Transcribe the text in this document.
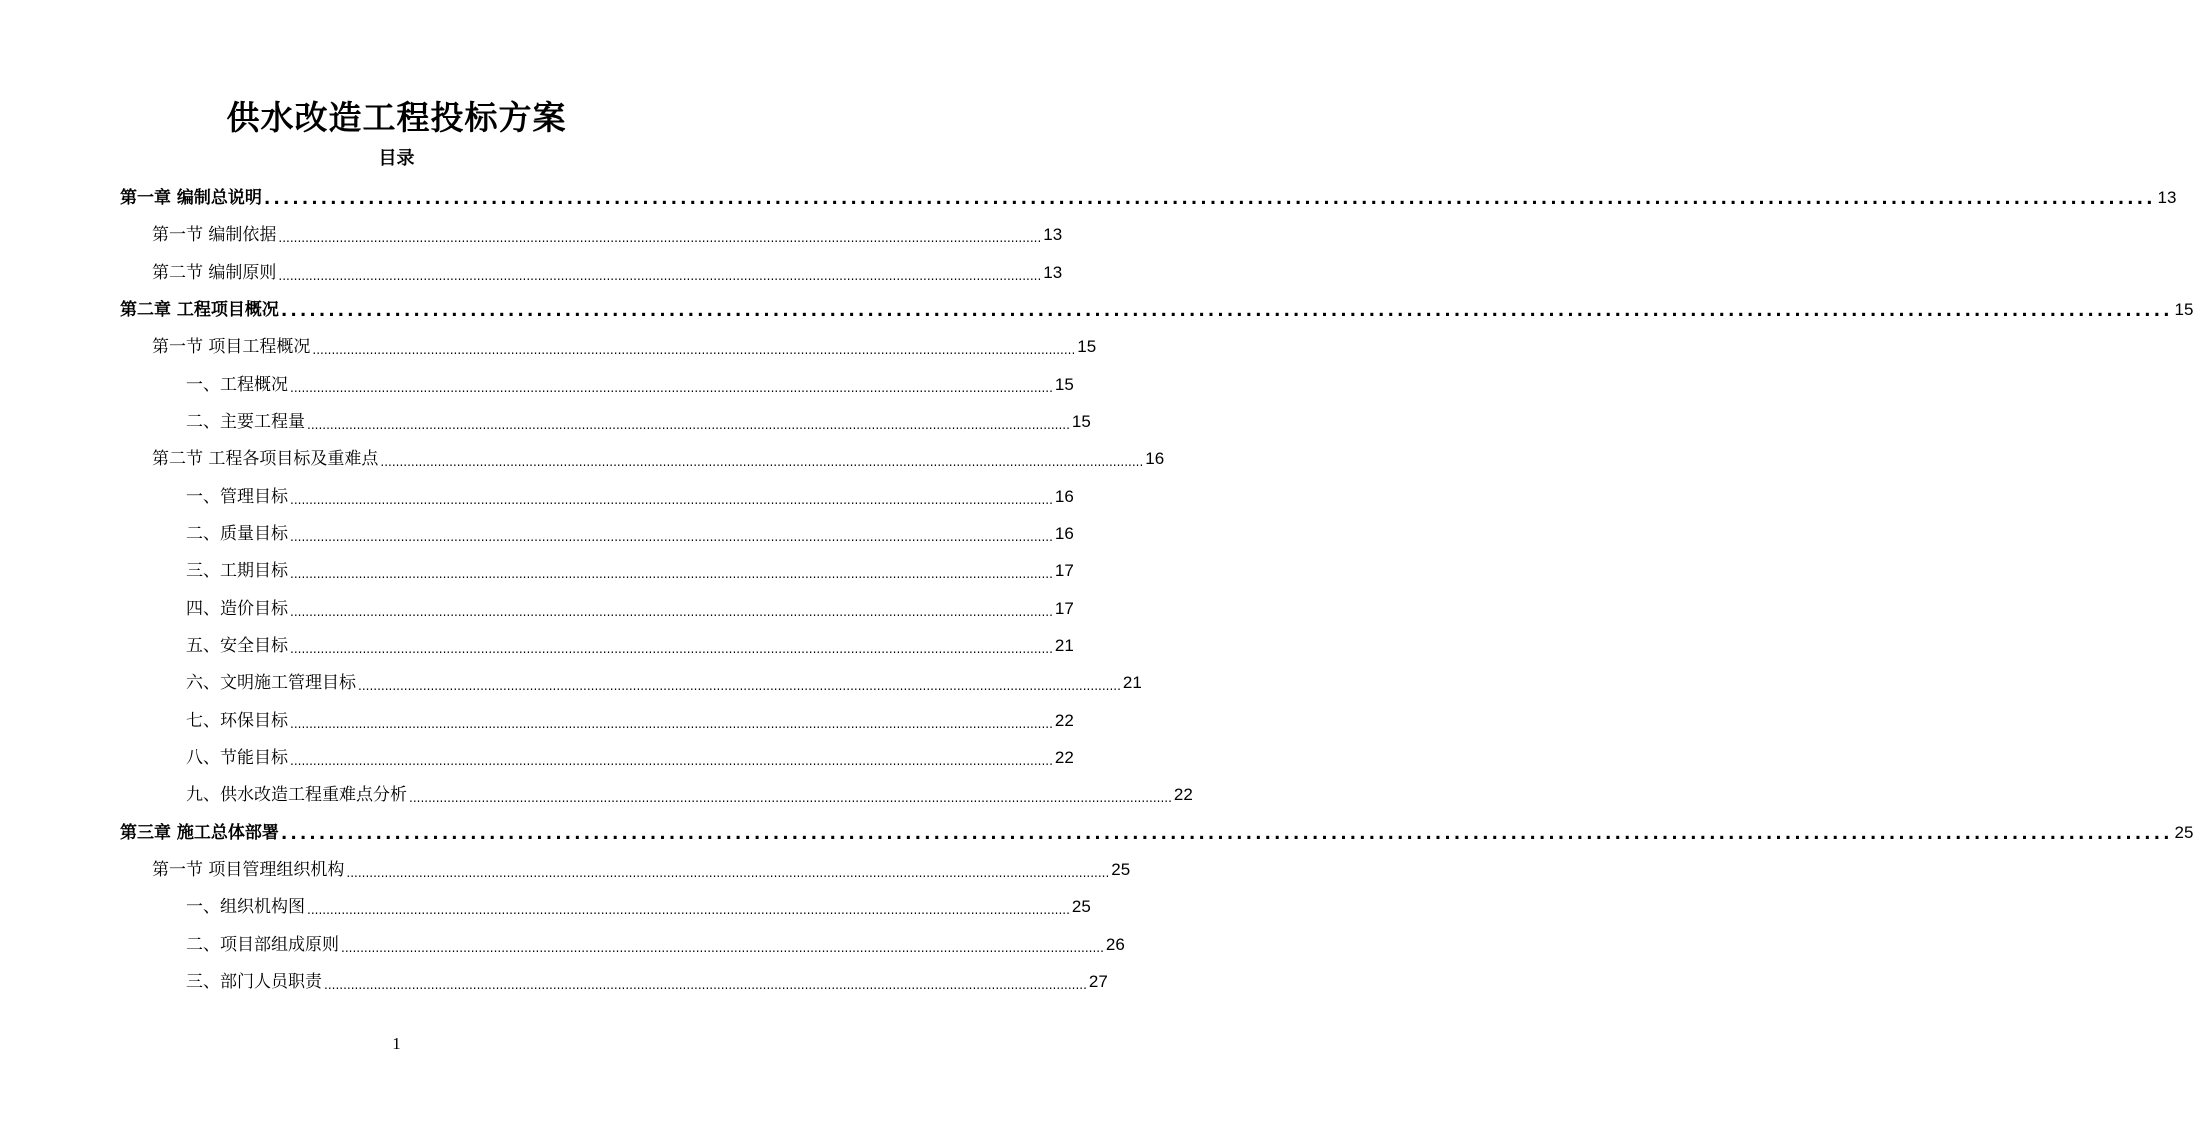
供水改造工程投标方案
目录
第一章 编制总说明 ........................................................................................................................................................................................................ 13
第一节 编制依据 ........................................................................................................................................................................................................ 13
第二节 编制原则 ........................................................................................................................................................................................................ 13
第二章 工程项目概况 ........................................................................................................................................................................................................ 15
第一节 项目工程概况 ........................................................................................................................................................................................................ 15
一、工程概况 ........................................................................................................................................................................................................ 15
二、主要工程量 ........................................................................................................................................................................................................ 15
第二节 工程各项目标及重难点 ........................................................................................................................................................................................................ 16
一、管理目标 ........................................................................................................................................................................................................ 16
二、质量目标 ........................................................................................................................................................................................................ 16
三、工期目标 ........................................................................................................................................................................................................ 17
四、造价目标 ........................................................................................................................................................................................................ 17
五、安全目标 ........................................................................................................................................................................................................ 21
六、文明施工管理目标 ........................................................................................................................................................................................................ 21
七、环保目标 ........................................................................................................................................................................................................ 22
八、节能目标 ........................................................................................................................................................................................................ 22
九、供水改造工程重难点分析 ........................................................................................................................................................................................................ 22
第三章 施工总体部署 ........................................................................................................................................................................................................ 25
第一节 项目管理组织机构 ........................................................................................................................................................................................................ 25
一、组织机构图 ........................................................................................................................................................................................................ 25
二、项目部组成原则 ........................................................................................................................................................................................................ 26
三、部门人员职责 ........................................................................................................................................................................................................ 27
1
